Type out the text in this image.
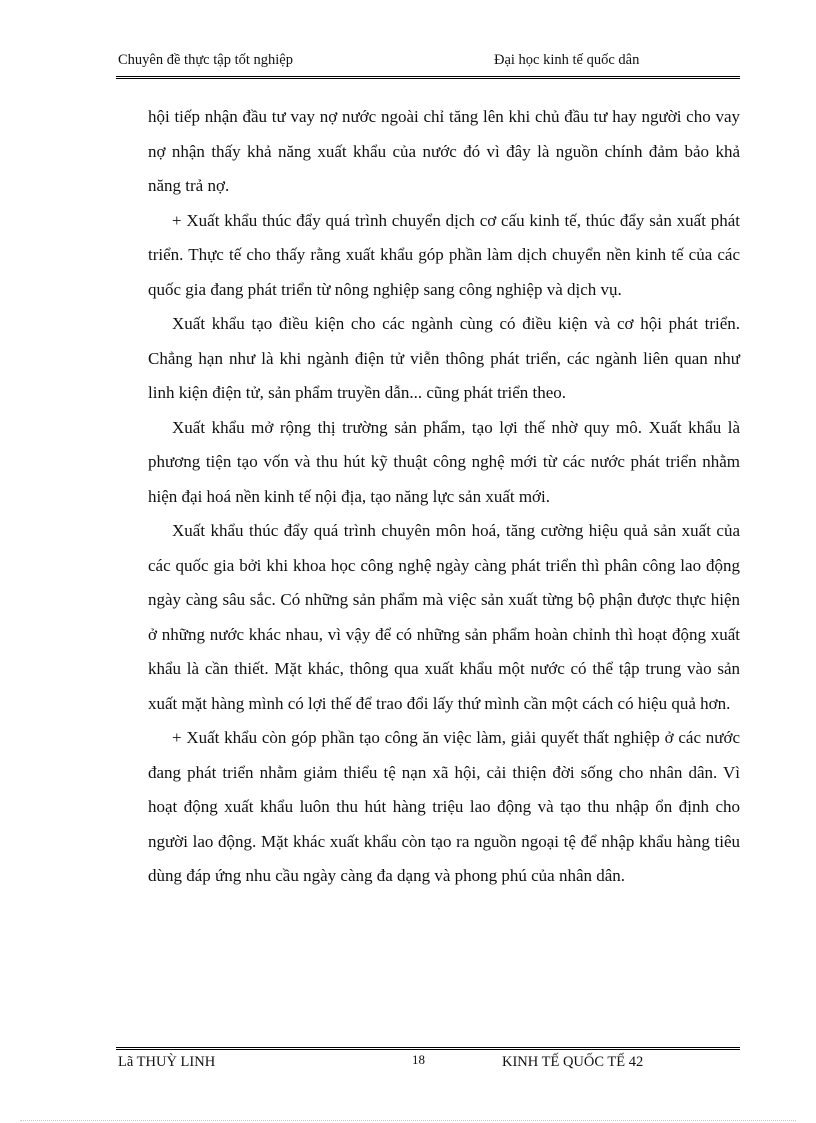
Chuyên đề thực tập tốt nghiệp	Đại học kinh tế quốc dân

hội tiếp nhận đầu tư vay nợ nước ngoài chỉ tăng lên khi chủ đầu tư hay người cho vay nợ nhận thấy khả năng xuất khẩu của nước đó vì đây là nguồn chính đảm bảo khả năng trả nợ.

+ Xuất khẩu thúc đẩy quá trình chuyển dịch cơ cấu kinh tế, thúc đẩy sản xuất phát triển. Thực tế cho thấy rằng xuất khẩu góp phần làm dịch chuyển nền kinh tế của các quốc gia đang phát triển từ nông nghiệp sang công nghiệp và dịch vụ.

Xuất khẩu tạo điều kiện cho các ngành cùng có điều kiện và cơ hội phát triển. Chẳng hạn như là khi ngành điện tử viễn thông phát triển, các ngành liên quan như linh kiện điện tử, sản phẩm truyền dẫn... cũng phát triển theo.

Xuất khẩu mở rộng thị trường sản phẩm, tạo lợi thế nhờ quy mô. Xuất khẩu là phương tiện tạo vốn và thu hút kỹ thuật công nghệ mới từ các nước phát triển nhằm hiện đại hoá nền kinh tế nội địa, tạo năng lực sản xuất mới.

Xuất khẩu thúc đẩy quá trình chuyên môn hoá, tăng cường hiệu quả sản xuất của các quốc gia bởi khi khoa học công nghệ ngày càng phát triển thì phân công lao động ngày càng sâu sắc. Có những sản phẩm mà việc sản xuất từng bộ phận được thực hiện ở những nước khác nhau, vì vậy để có những sản phẩm hoàn chỉnh thì hoạt động xuất khẩu là cần thiết. Mặt khác, thông qua xuất khẩu một nước có thể tập trung vào sản xuất mặt hàng mình có lợi thế để trao đổi lấy thứ mình cần một cách có hiệu quả hơn.

+ Xuất khẩu còn góp phần tạo công ăn việc làm, giải quyết thất nghiệp ở các nước đang phát triển nhằm giảm thiểu tệ nạn xã hội, cải thiện đời sống cho nhân dân. Vì hoạt động xuất khẩu luôn thu hút hàng triệu lao động và tạo thu nhập ổn định cho người lao động. Mặt khác xuất khẩu còn tạo ra nguồn ngoại tệ để nhập khẩu hàng tiêu dùng đáp ứng nhu cầu ngày càng đa dạng và phong phú của nhân dân.

Lã THUỲ LINH	18	KINH TẾ QUỐC TẾ 42
